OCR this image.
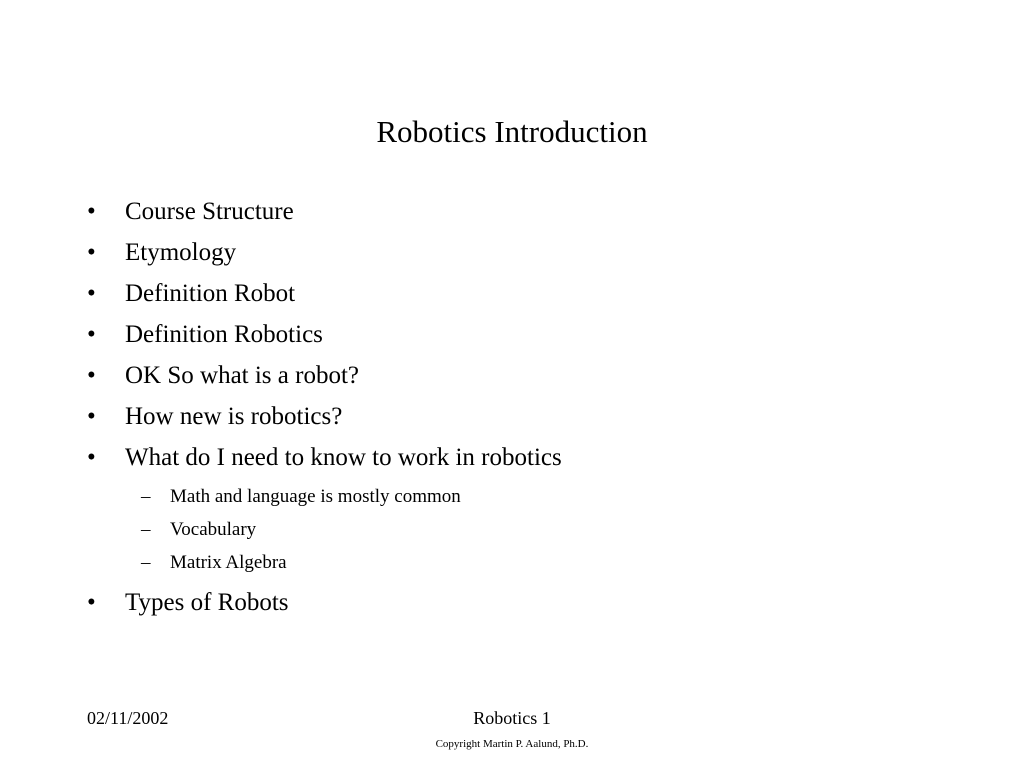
Robotics Introduction
• Course Structure
• Etymology
• Definition Robot
• Definition Robotics
• OK So what is a robot?
• How new is robotics?
• What do I need to know to work in robotics
– Math and language is mostly common
– Vocabulary
– Matrix Algebra
• Types of Robots
02/11/2002	Robotics 1
Copyright Martin P. Aalund, Ph.D.
